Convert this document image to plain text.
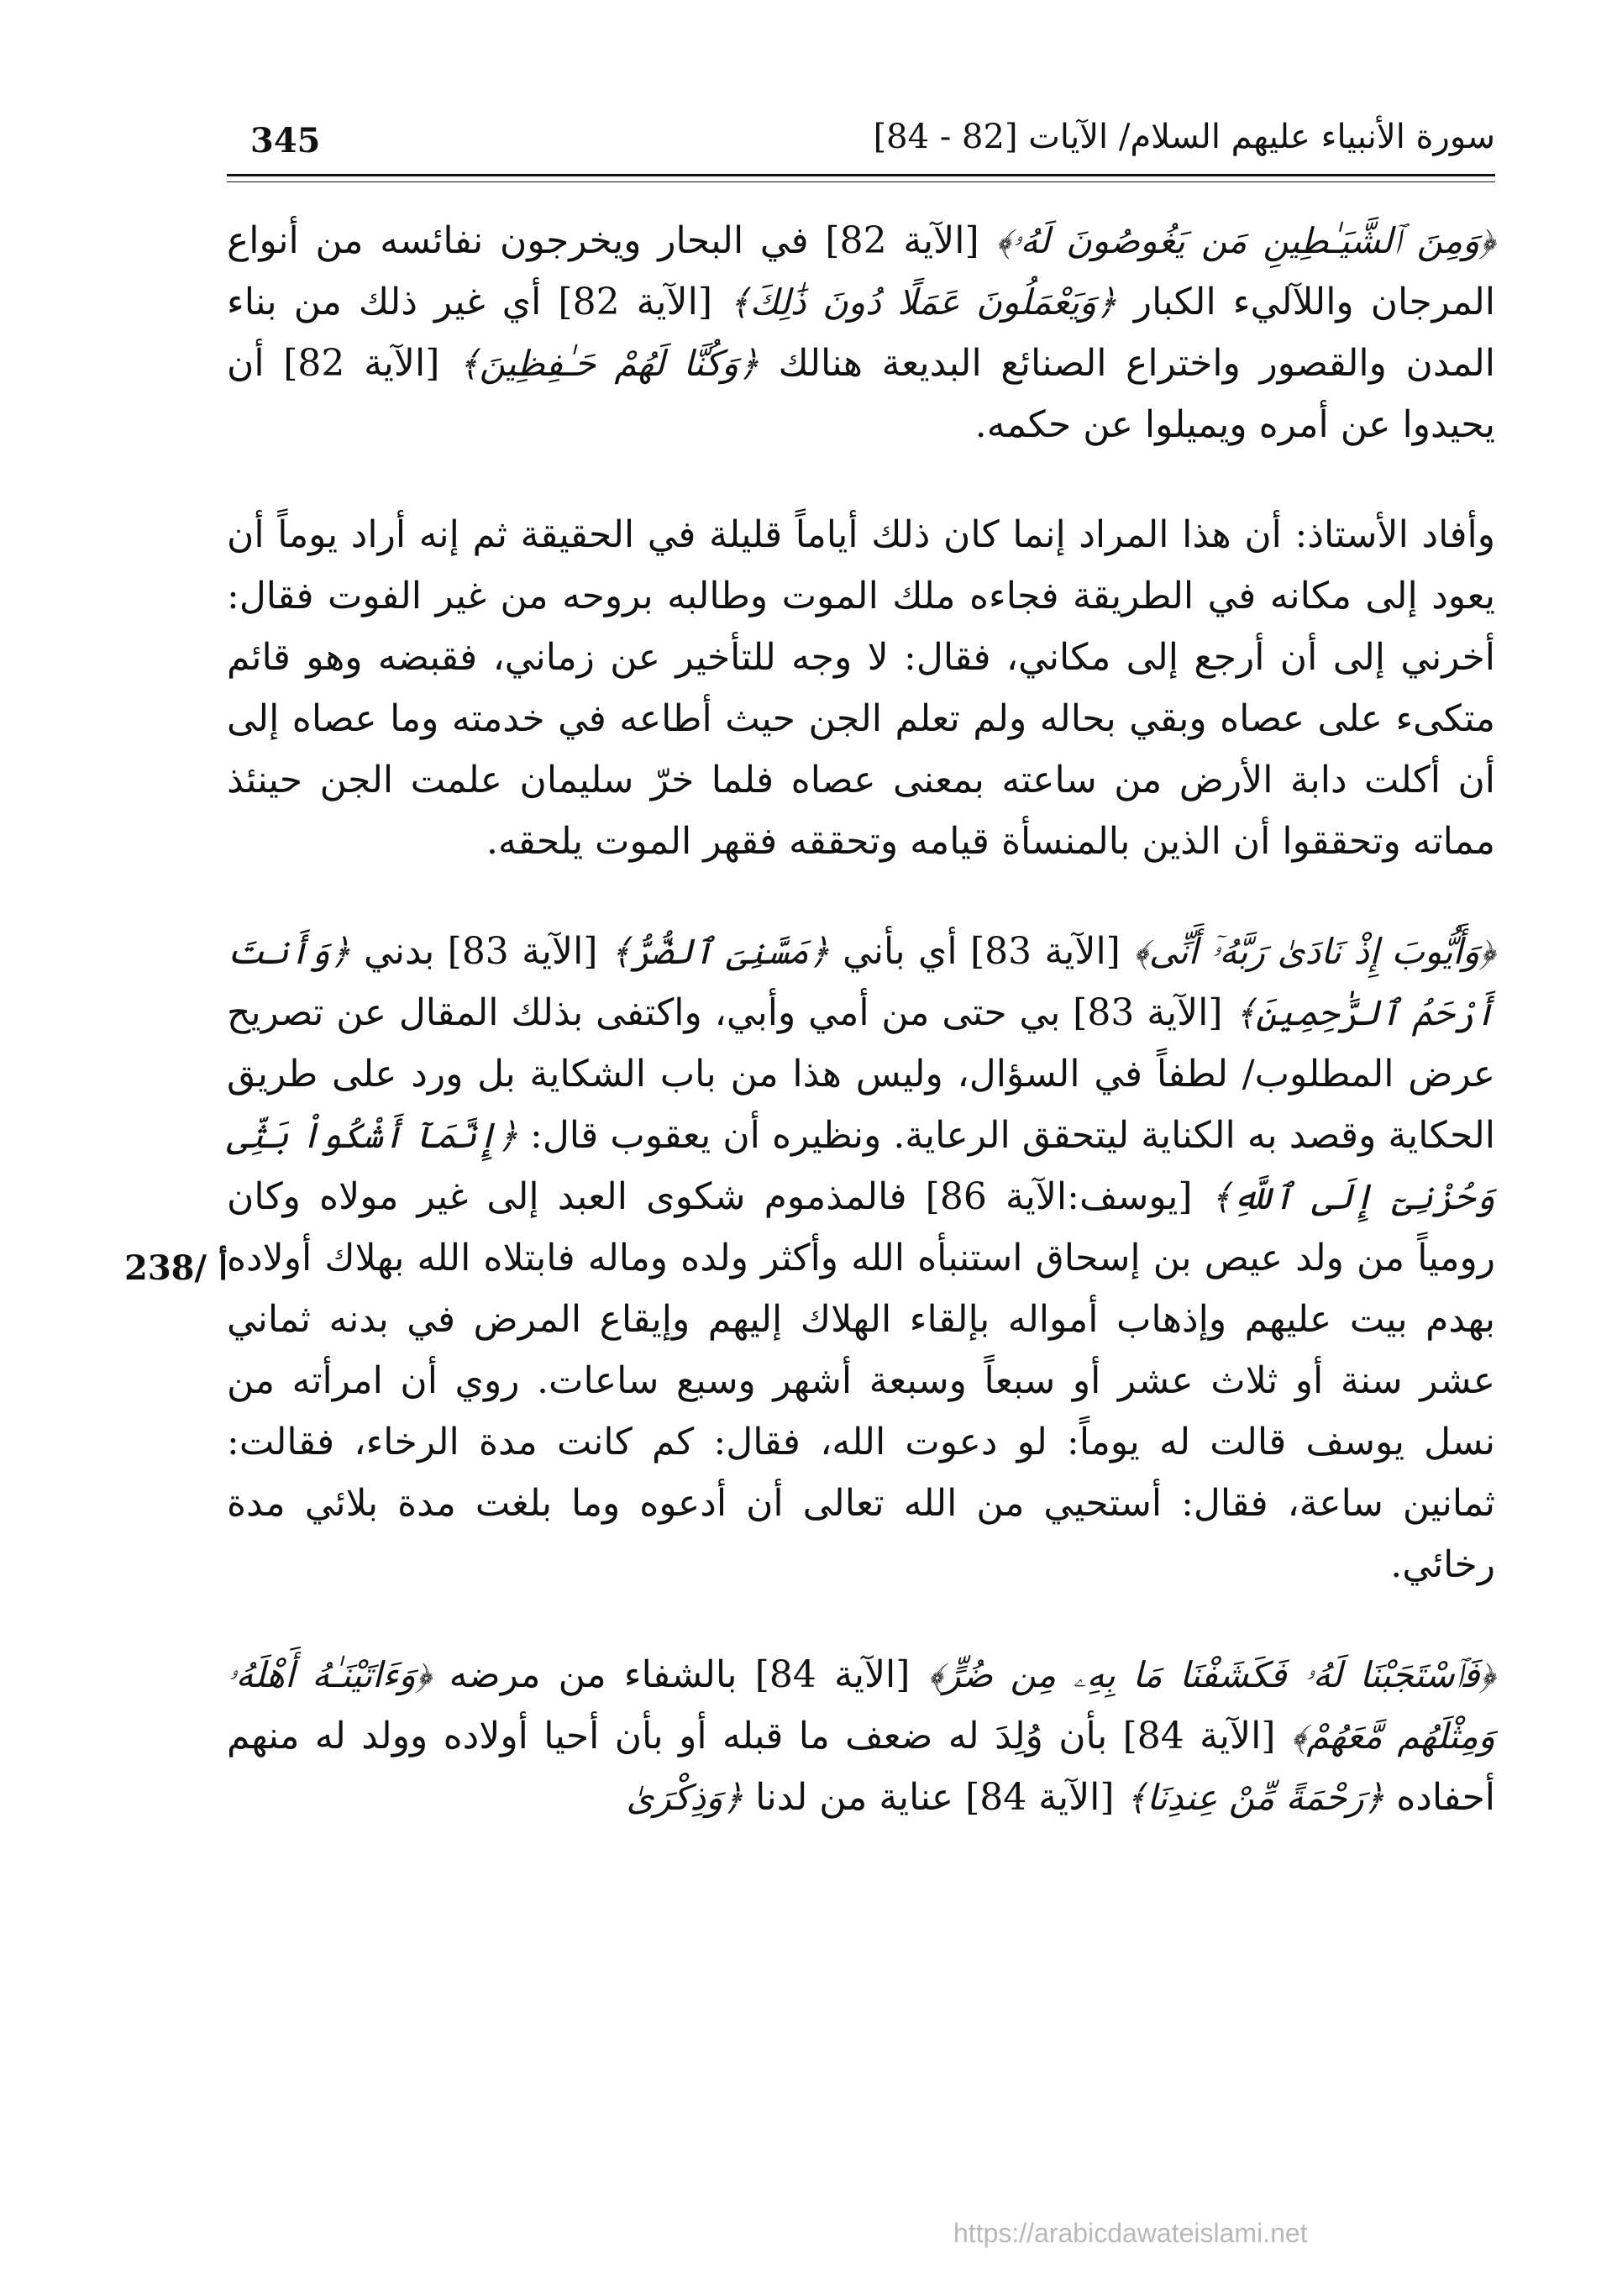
345	سورة الأنبياء عليهم السلام/ الآيات [82 - 84]
238/ أ

﴿وَمِنَ ٱلشَّيَـٰطِينِ مَن يَغُوصُونَ لَهُۥ﴾ [الآية 82] في البحار ويخرجون نفائسه من أنواع المرجان واللآليء الكبار ﴿وَيَعْمَلُونَ عَمَلًا دُونَ ذَٰلِكَ﴾ [الآية 82] أي غير ذلك من بناء المدن والقصور واختراع الصنائع البديعة هنالك ﴿وَكُنَّا لَهُمْ حَـٰفِظِينَ﴾ [الآية 82] أن يحيدوا عن أمره ويميلوا عن حكمه.

وأفاد الأستاذ: أن هذا المراد إنما كان ذلك أياماً قليلة في الحقيقة ثم إنه أراد يوماً أن يعود إلى مكانه في الطريقة فجاءه ملك الموت وطالبه بروحه من غير الفوت فقال: أخرني إلى أن أرجع إلى مكاني، فقال: لا وجه للتأخير عن زماني، فقبضه وهو قائم متكىء على عصاه وبقي بحاله ولم تعلم الجن حيث أطاعه في خدمته وما عصاه إلى أن أكلت دابة الأرض من ساعته بمعنى عصاه فلما خرّ سليمان علمت الجن حينئذ مماته وتحققوا أن الذين بالمنسأة قيامه وتحققه فقهر الموت يلحقه.

﴿وَأَيُّوبَ إِذْ نَادَىٰ رَبَّهُۥٓ أَنِّى﴾ [الآية 83] أي بأني ﴿مَسَّنِىَ ٱلضُّرُّ﴾ [الآية 83] بدني ﴿وَأَنتَ أَرْحَمُ ٱلرَّٰحِمِينَ﴾ [الآية 83] بي حتى من أمي وأبي، واكتفى بذلك المقال عن تصريح عرض المطلوب/ لطفاً في السؤال، وليس هذا من باب الشكاية بل ورد على طريق الحكاية وقصد به الكناية ليتحقق الرعاية. ونظيره أن يعقوب قال: ﴿إِنَّمَآ أَشْكُواْ بَثِّى وَحُزْنِىٓ إِلَى ٱللَّهِ﴾ [يوسف:الآية 86] فالمذموم شكوى العبد إلى غير مولاه وكان رومياً من ولد عيص بن إسحاق استنبأه الله وأكثر ولده وماله فابتلاه الله بهلاك أولاده بهدم بيت عليهم وإذهاب أمواله بإلقاء الهلاك إليهم وإيقاع المرض في بدنه ثماني عشر سنة أو ثلاث عشر أو سبعاً وسبعة أشهر وسبع ساعات. روي أن امرأته من نسل يوسف قالت له يوماً: لو دعوت الله، فقال: كم كانت مدة الرخاء، فقالت: ثمانين ساعة، فقال: أستحيي من الله تعالى أن أدعوه وما بلغت مدة بلائي مدة رخائي.

﴿فَٱسْتَجَبْنَا لَهُۥ فَكَشَفْنَا مَا بِهِۦ مِن ضُرٍّ﴾ [الآية 84] بالشفاء من مرضه ﴿وَءَاتَيْنَـٰهُ أَهْلَهُۥ وَمِثْلَهُم مَّعَهُمْ﴾ [الآية 84] بأن وُلِدَ له ضعف ما قبله أو بأن أحيا أولاده وولد له منهم أحفاده ﴿رَحْمَةً مِّنْ عِندِنَا﴾ [الآية 84] عناية من لدنا ﴿وَذِكْرَىٰ

https://arabicdawateislami.net
